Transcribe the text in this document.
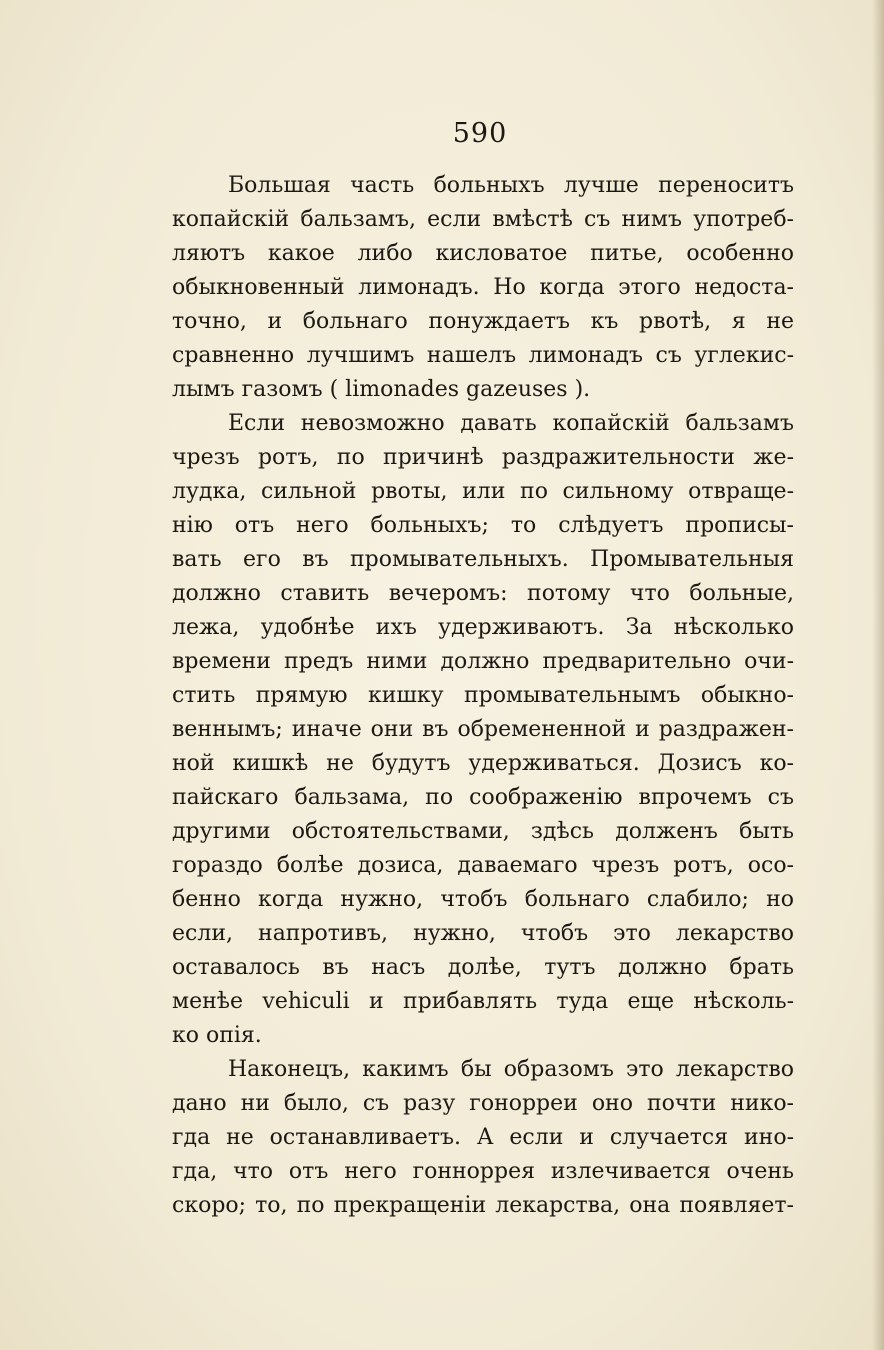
590
Большая часть больныхъ лучше переноситъ
копайскій бальзамъ, если вмѣстѣ съ нимъ употреб-
ляютъ какое либо кисловатое питье, особенно
обыкновенный лимонадъ. Но когда этого недоста-
точно, и больнаго понуждаетъ къ рвотѣ, я не
сравненно лучшимъ нашелъ лимонадъ съ углекис-
лымъ газомъ ( limonades gazeuses ).
Если невозможно давать копайскій бальзамъ
чрезъ ротъ, по причинѣ раздражительности же-
лудка, сильной рвоты, или по сильному отвраще-
нію отъ него больныхъ; то слѣдуетъ прописы-
вать его въ промывательныхъ. Промывательныя
должно ставить вечеромъ: потому что больные,
лежа, удобнѣе ихъ удерживаютъ. За нѣсколько
времени предъ ними должно предварительно очи-
стить прямую кишку промывательнымъ обыкно-
веннымъ; иначе они въ обремененной и раздражен-
ной кишкѣ не будутъ удерживаться. Дозисъ ко-
пайскаго бальзама, по соображенію впрочемъ съ
другими обстоятельствами, здѣсь долженъ быть
гораздо болѣе дозиса, даваемаго чрезъ ротъ, осо-
бенно когда нужно, чтобъ больнаго слабило; но
если, напротивъ, нужно, чтобъ это лекарство
оставалось въ насъ долѣе, тутъ должно брать
менѣе vehiculi и прибавлять туда еще нѣсколь-
ко опія.
Наконецъ, какимъ бы образомъ это лекарство
дано ни было, съ разу гонорреи оно почти нико-
гда не останавливаетъ. А если и случается ино-
гда, что отъ него гонноррея излечивается очень
скоро; то, по прекращеніи лекарства, она появляет-
